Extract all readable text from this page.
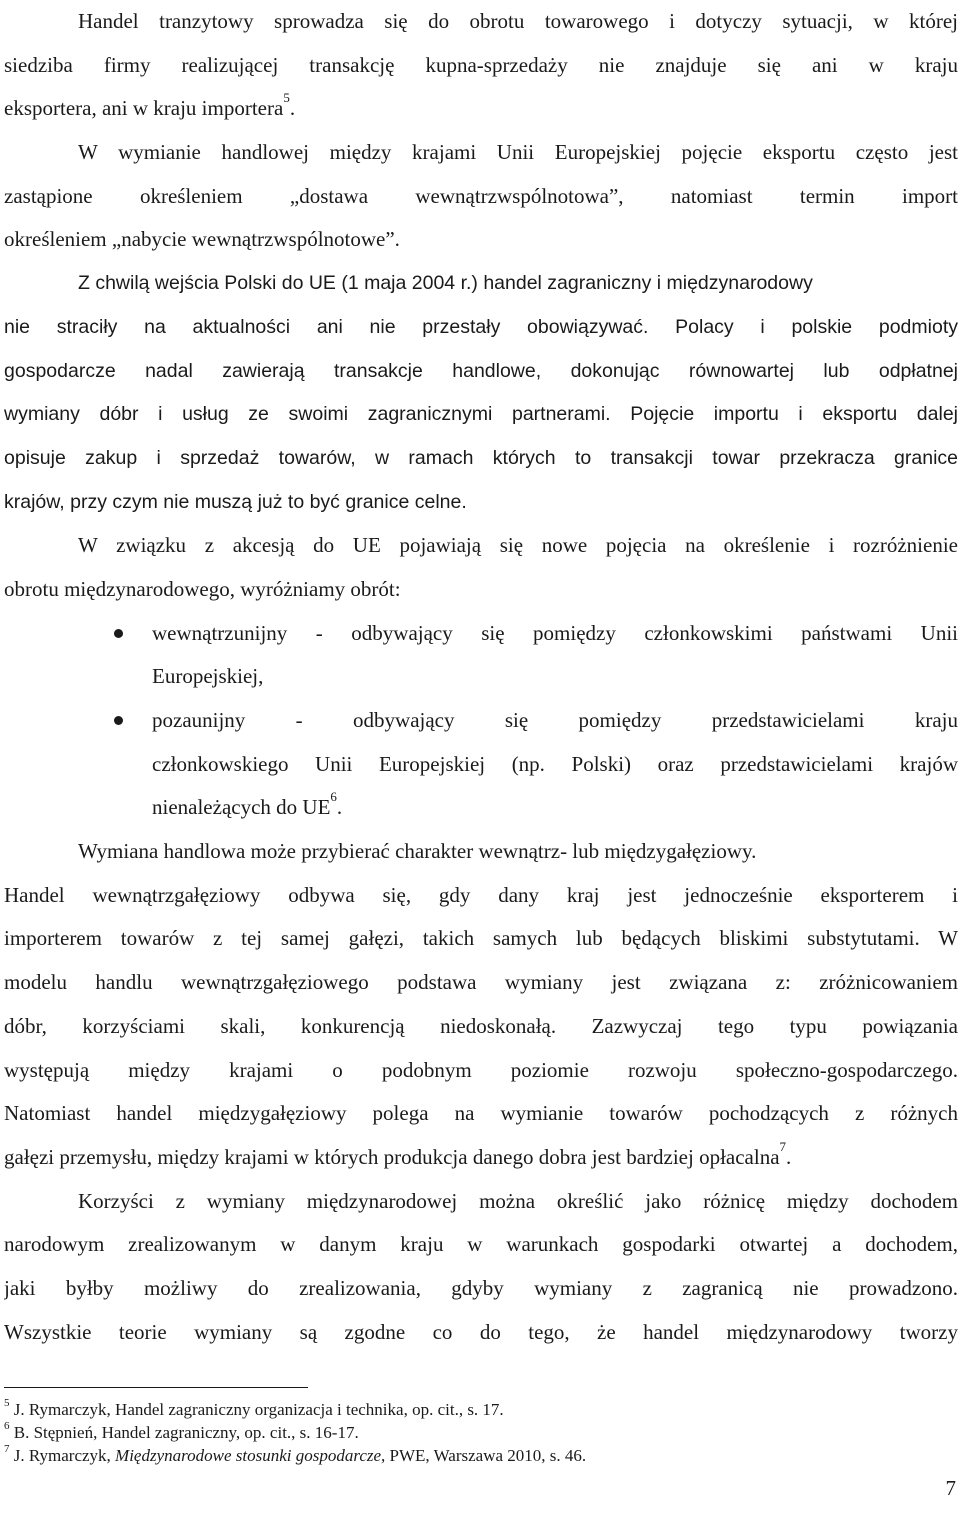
Handel tranzytowy sprowadza się do obrotu towarowego i dotyczy sytuacji, w której
siedziba firmy realizującej transakcję kupna-sprzedaży nie znajduje się ani w kraju
eksportera, ani w kraju importera$^5$.
W wymianie handlowej między krajami Unii Europejskiej pojęcie eksportu często jest
zastąpione określeniem „dostawa wewnątrzwspólnotowa”, natomiast termin import
określeniem „nabycie wewnątrzwspólnotowe”.
Z chwilą wejścia Polski do UE (1 maja 2004 r.) handel zagraniczny i międzynarodowy
nie straciły na aktualności ani nie przestały obowiązywać. Polacy i polskie podmioty
gospodarcze nadal zawierają transakcje handlowe, dokonując równowartej lub odpłatnej
wymiany dóbr i usług ze swoimi zagranicznymi partnerami. Pojęcie importu i eksportu dalej
opisuje zakup i sprzedaż towarów, w ramach których to transakcji towar przekracza granice
krajów, przy czym nie muszą już to być granice celne.
W związku z akcesją do UE pojawiają się nowe pojęcia na określenie i rozróżnienie
obrotu międzynarodowego, wyróżniamy obrót:
wewnątrzunijny - odbywający się pomiędzy członkowskimi państwami Unii
Europejskiej,
pozaunijny - odbywający się pomiędzy przedstawicielami kraju
członkowskiego Unii Europejskiej (np. Polski) oraz przedstawicielami krajów
nienależących do $UE^6$.
Wymiana handlowa może przybierać charakter wewnątrz- lub międzygałęziowy.
Handel wewnątrzgałęziowy odbywa się, gdy dany kraj jest jednocześnie eksporterem i
importerem towarów z tej samej gałęzi, takich samych lub będących bliskimi substytutami. W
modelu handlu wewnątrzgałęziowego podstawa wymiany jest związana z: zróżnicowaniem
dóbr, korzyściami skali, konkurencją niedoskonałą. Zazwyczaj tego typu powiązania
występują między krajami o podobnym poziomie rozwoju społeczno-gospodarczego.
Natomiast handel międzygałęziowy polega na wymianie towarów pochodzących z różnych
gałęzi przemysłu, między krajami w których produkcja danego dobra jest bardziej opłacalna$^7$.
Korzyści z wymiany międzynarodowej można określić jako różnicę między dochodem
narodowym zrealizowanym w danym kraju w warunkach gospodarki otwartej a dochodem,
jaki byłby możliwy do zrealizowania, gdyby wymiany z zagranicą nie prowadzono.
Wszystkie teorie wymiany są zgodne co do tego, że handel międzynarodowy tworzy
$^5$ J. Rymarczyk, Handel zagraniczny organizacja i technika, op. cit., s. 17.
$^6$ B. Stępnień, Handel zagraniczny, op. cit., s. 16-17.
$^7$ J. Rymarczyk, Międzynarodowe stosunki gospodarcze, PWE, Warszawa 2010, s. 46.
7
